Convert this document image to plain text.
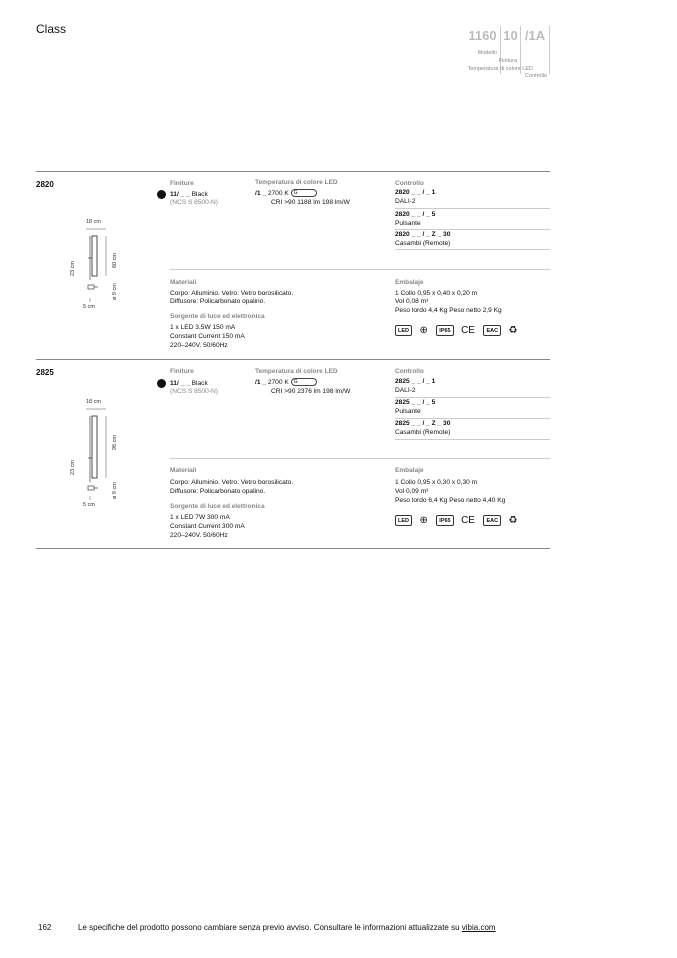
Class	1160 10 /1A
Modello
Finitura
Temperatura di colore LED
Controllo
2820
18 cm
60 cm
23 cm
ø 9 cm
5 cm
Finiture
11/ _ _ Black
(NCS S 8500-N)
Temperatura di colore LED
/1 _ 2700 K G
CRI >90 1188 lm 198 lm/W
Controllo
2820 _ _ / _ 1
DALI-2
2820 _ _ / _ 5
Pulsante
2820 _ _ / _ Z _ 30
Casambi (Remote)
Materiali
Corpo: Alluminio. Vetro: Vetro borosilicato.
Diffusore: Policarbonato opalino.
Sorgente di luce ed elettronica
1 x LED 3,5W 150 mA
Constant Current 150 mA
220–240V. 50/60Hz
Embalaje
1 Collo 0,95 x 0,40 x 0,20 m
Vol 0,08 m³
Peso lordo 4,4 Kg Peso netto 2,9 Kg
LED ⊕ IP65 CE EAC ♻
2825
18 cm
96 cm
23 cm
ø 9 cm
5 cm
Finiture
11/ _ _ Black
(NCS S 8500-N)
Temperatura di colore LED
/1 _ 2700 K G
CRI >90 2376 lm 198 lm/W
Controllo
2825 _ _ / _ 1
DALI-2
2825 _ _ / _ 5
Pulsante
2825 _ _ / _ Z _ 30
Casambi (Remote)
Materiali
Corpo: Alluminio. Vetro: Vetro borosilicato.
Diffusore: Policarbonato opalino.
Sorgente di luce ed elettronica
1 x LED 7W 300 mA
Constant Current 300 mA
220–240V. 50/60Hz
Embalaje
1 Collo 0,95 x 0,30 x 0,30 m
Vol 0,09 m³
Peso lordo 6,4 Kg Peso netto 4,40 Kg
LED ⊕ IP65 CE EAC ♻
162	Le specifiche del prodotto possono cambiare senza previo avviso. Consultare le informazioni attualizzate su vibia.com
